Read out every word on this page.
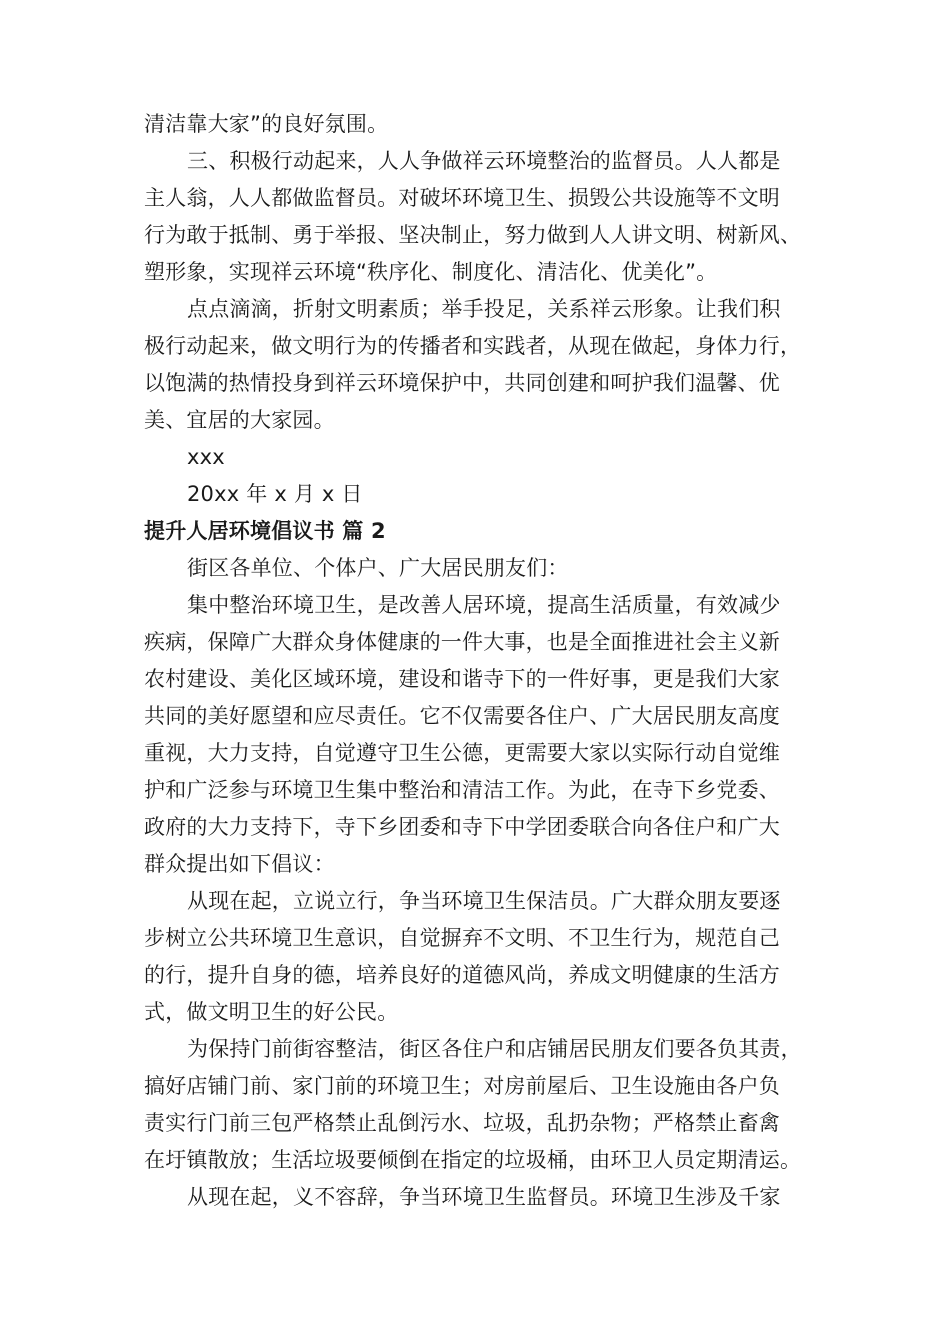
清洁靠大家”的良好氛围。
三、积极行动起来，人人争做祥云环境整治的监督员。人人都是
主人翁，人人都做监督员。对破坏环境卫生、损毁公共设施等不文明
行为敢于抵制、勇于举报、坚决制止，努力做到人人讲文明、树新风、
塑形象，实现祥云环境“秩序化、制度化、清洁化、优美化”。
点点滴滴，折射文明素质；举手投足，关系祥云形象。让我们积
极行动起来，做文明行为的传播者和实践者，从现在做起，身体力行，
以饱满的热情投身到祥云环境保护中，共同创建和呵护我们温馨、优
美、宜居的大家园。
xxx
20xx 年 x 月 x 日
提升人居环境倡议书 篇 2
街区各单位、个体户、广大居民朋友们：
集中整治环境卫生，是改善人居环境，提高生活质量，有效减少
疾病，保障广大群众身体健康的一件大事，也是全面推进社会主义新
农村建设、美化区域环境，建设和谐寺下的一件好事，更是我们大家
共同的美好愿望和应尽责任。它不仅需要各住户、广大居民朋友高度
重视，大力支持，自觉遵守卫生公德，更需要大家以实际行动自觉维
护和广泛参与环境卫生集中整治和清洁工作。为此，在寺下乡党委、
政府的大力支持下，寺下乡团委和寺下中学团委联合向各住户和广大
群众提出如下倡议：
从现在起，立说立行，争当环境卫生保洁员。广大群众朋友要逐
步树立公共环境卫生意识，自觉摒弃不文明、不卫生行为，规范自己
的行，提升自身的德，培养良好的道德风尚，养成文明健康的生活方
式，做文明卫生的好公民。
为保持门前街容整洁，街区各住户和店铺居民朋友们要各负其责，
搞好店铺门前、家门前的环境卫生；对房前屋后、卫生设施由各户负
责实行门前三包严格禁止乱倒污水、垃圾，乱扔杂物；严格禁止畜禽
在圩镇散放；生活垃圾要倾倒在指定的垃圾桶，由环卫人员定期清运。
从现在起，义不容辞，争当环境卫生监督员。环境卫生涉及千家
